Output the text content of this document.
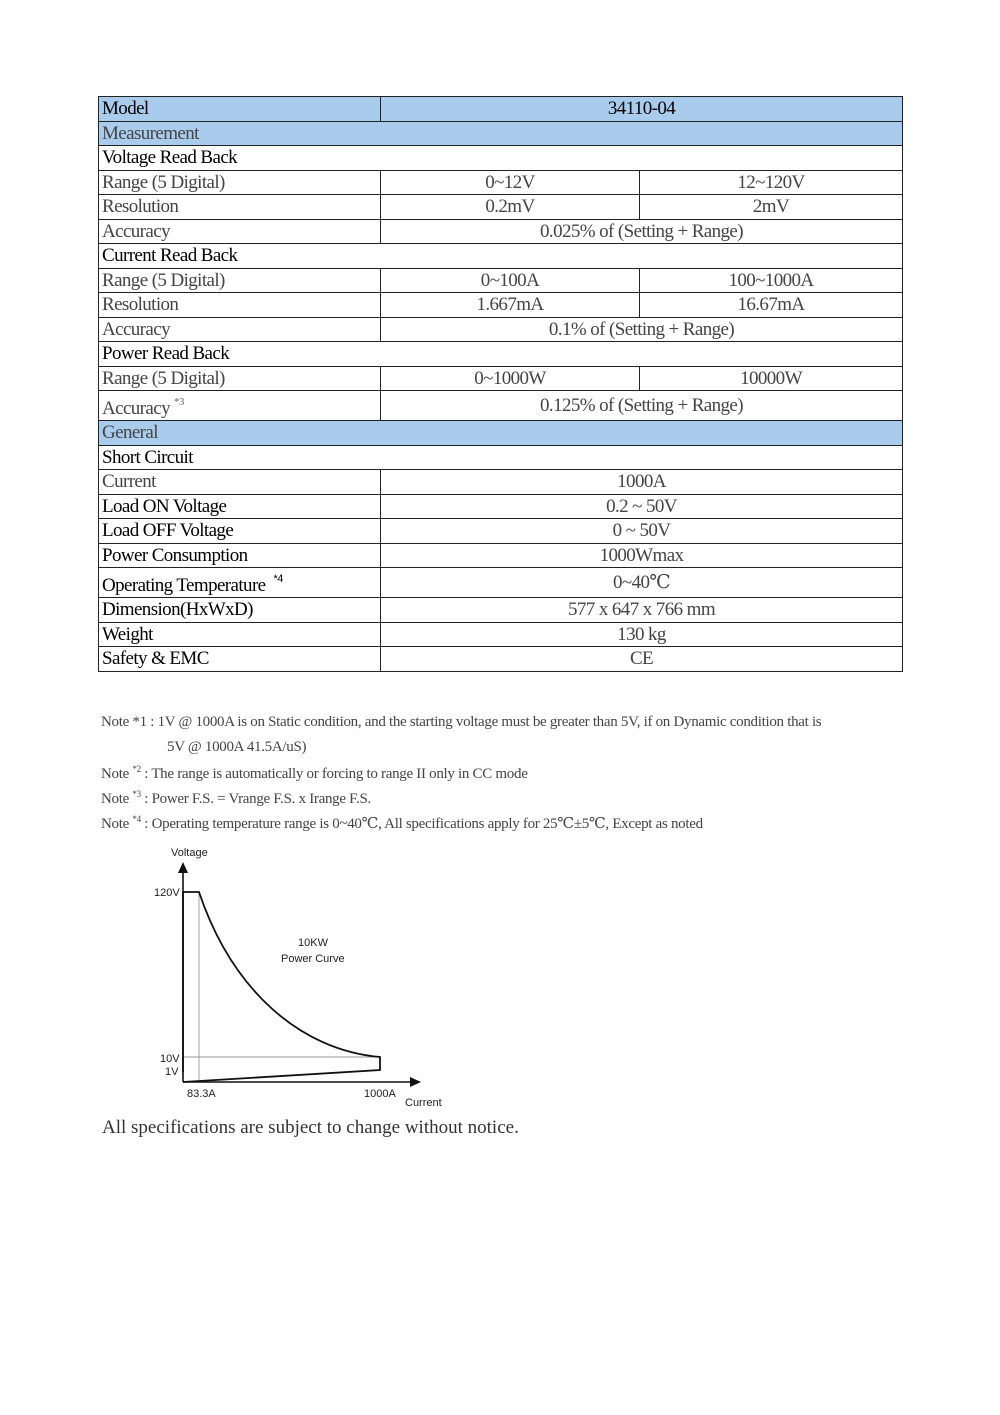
Model	34110-04	
Measurement		
Voltage Read Back		
Range (5 Digital)	0~12V	12~120V
Resolution	0.2mV	2mV
Accuracy	0.025% of (Setting + Range)	
Current Read Back		
Range (5 Digital)	0~100A	100~1000A
Resolution	1.667mA	16.67mA
Accuracy	0.1% of (Setting + Range)	
Power Read Back		
Range (5 Digital)	0~1000W	10000W
Accuracy $^{*3}$	0.125% of (Setting + Range)	
General		
Short Circuit		
Current	1000A	
Load ON Voltage	0.2 ~ 50V	
Load OFF Voltage	0 ~ 50V	
Power Consumption	1000Wmax	
Operating Temperature $^{*4}$	0~40℃	
Dimension(HxWxD)	577 x 647 x 766 mm	
Weight	130 kg	
Safety & EMC	CE	
Note *1 : 1V @ 1000A is on Static condition, and the starting voltage must be greater than 5V, if on Dynamic condition that is
5V @ 1000A 41.5A/uS)
Note $^{*2}$ : The range is automatically or forcing to range II only in CC mode
Note $^{*3}$ : Power F.S. = Vrange F.S. x Irange F.S.
Note $^{*4}$ : Operating temperature range is 0~40℃, All specifications apply for 25℃±5℃, Except as noted
Voltage
120V
10V
1V
83.3A	1000A
Current
10KW
Power Curve
All specifications are subject to change without notice.
